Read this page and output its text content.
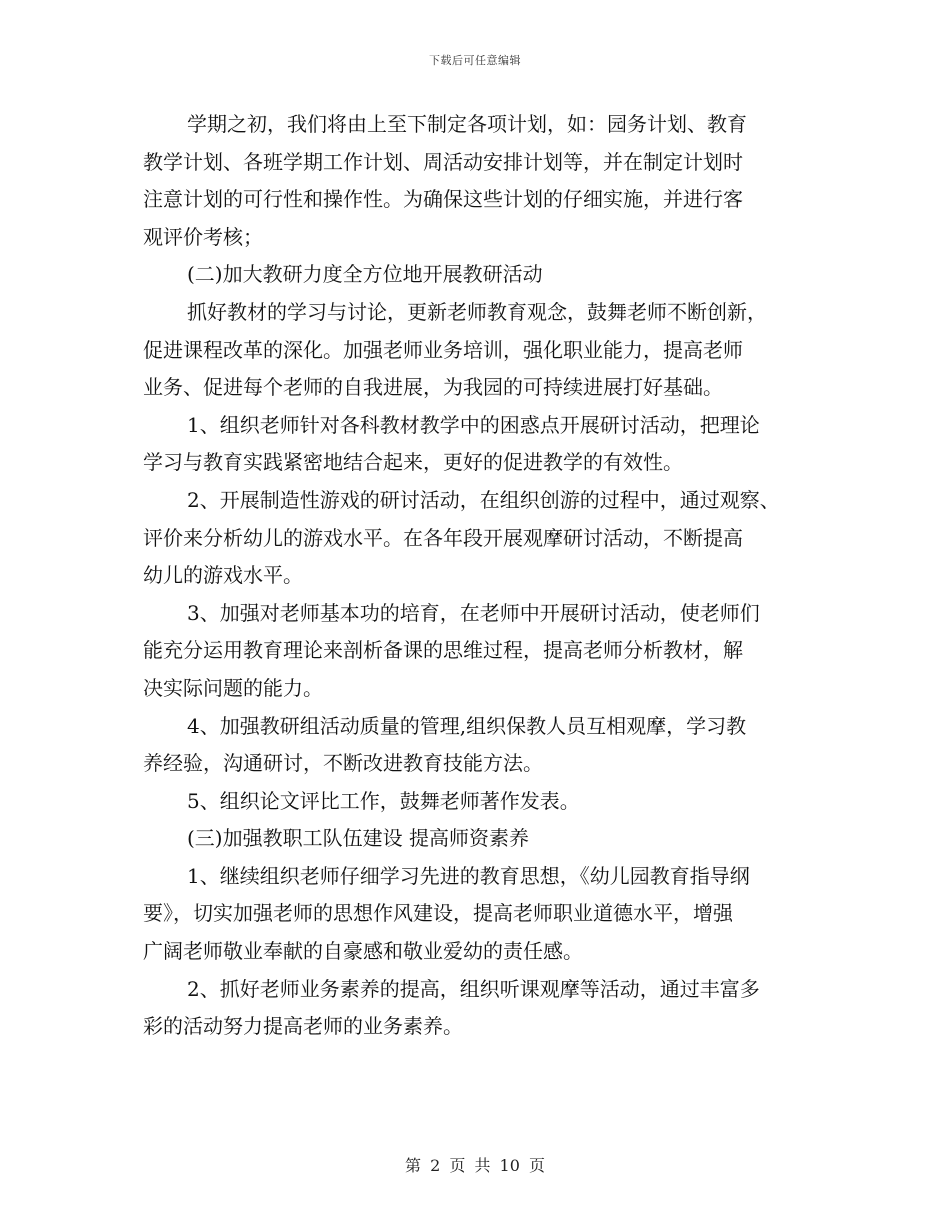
下载后可任意编辑
学期之初，我们将由上至下制定各项计划，如：园务计划、教育
教学计划、各班学期工作计划、周活动安排计划等，并在制定计划时
注意计划的可行性和操作性。为确保这些计划的仔细实施，并进行客
观评价考核；
(二)加大教研力度全方位地开展教研活动
抓好教材的学习与讨论，更新老师教育观念，鼓舞老师不断创新，
促进课程改革的深化。加强老师业务培训，强化职业能力，提高老师
业务、促进每个老师的自我进展，为我园的可持续进展打好基础。
1、组织老师针对各科教材教学中的困惑点开展研讨活动，把理论
学习与教育实践紧密地结合起来，更好的促进教学的有效性。
2、开展制造性游戏的研讨活动，在组织创游的过程中，通过观察、
评价来分析幼儿的游戏水平。在各年段开展观摩研讨活动，不断提高
幼儿的游戏水平。
3、加强对老师基本功的培育，在老师中开展研讨活动，使老师们
能充分运用教育理论来剖析备课的思维过程，提高老师分析教材，解
决实际问题的能力。
4、加强教研组活动质量的管理,组织保教人员互相观摩，学习教
养经验，沟通研讨，不断改进教育技能方法。
5、组织论文评比工作，鼓舞老师著作发表。
(三)加强教职工队伍建设 提高师资素养
1、继续组织老师仔细学习先进的教育思想，《幼儿园教育指导纲
要》，切实加强老师的思想作风建设，提高老师职业道德水平，增强
广阔老师敬业奉献的自豪感和敬业爱幼的责任感。
2、抓好老师业务素养的提高，组织听课观摩等活动，通过丰富多
彩的活动努力提高老师的业务素养。
第 2 页 共 10 页
